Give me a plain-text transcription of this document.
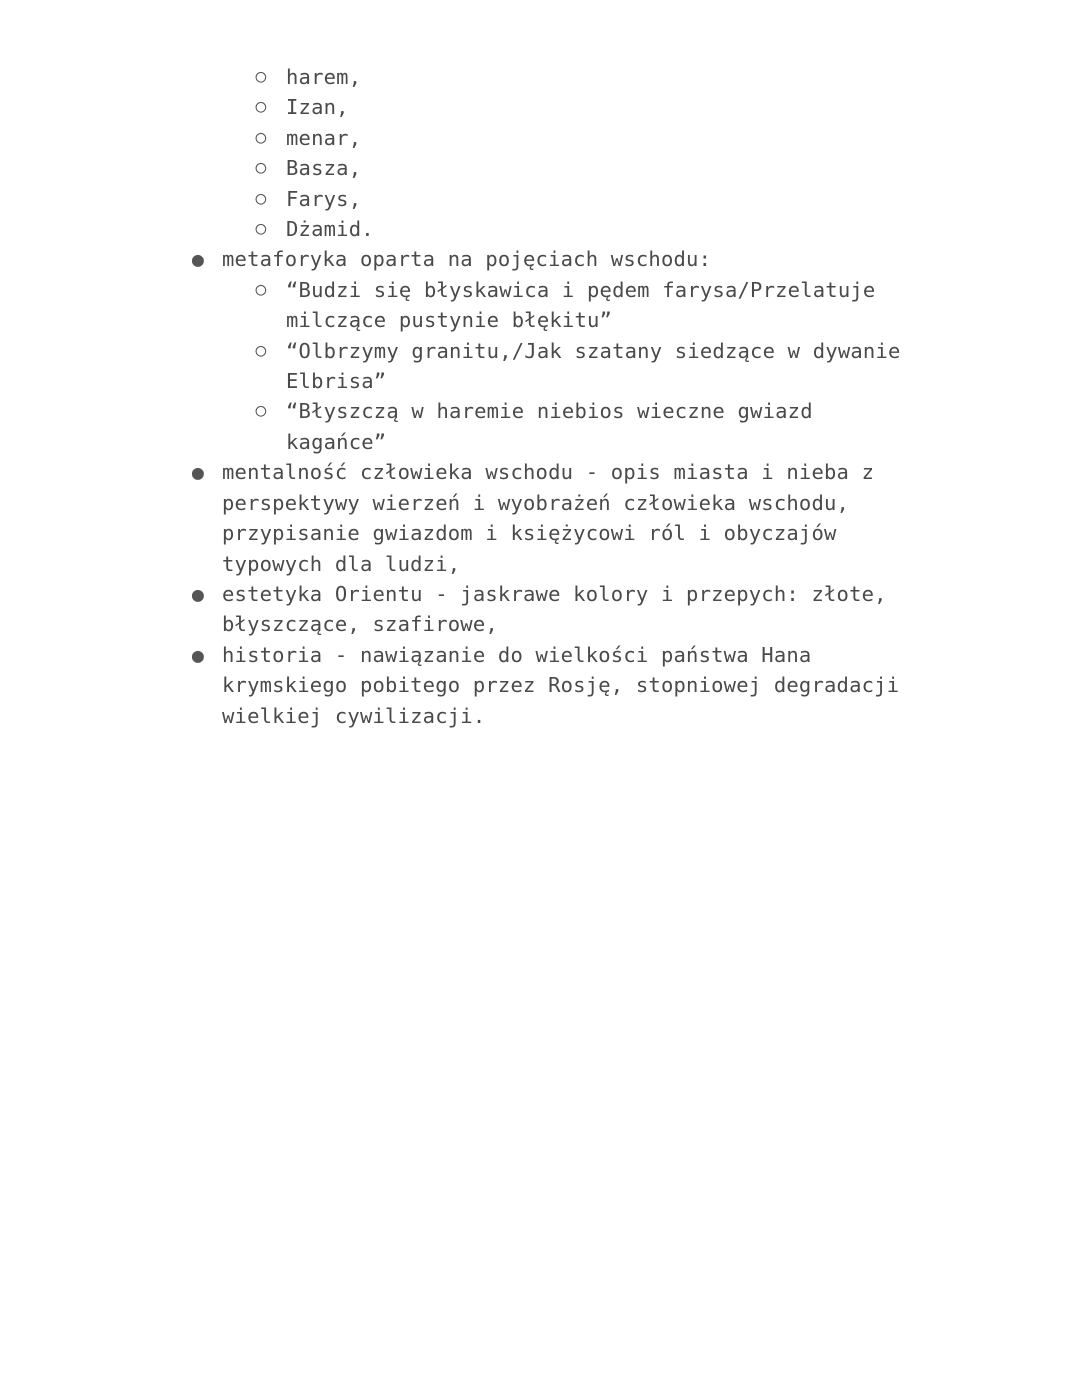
○ harem,
○ Izan,
○ menar,
○ Basza,
○ Farys,
○ Dżamid.
● metaforyka oparta na pojęciach wschodu:
○ “Budzi się błyskawica i pędem farysa/Przelatuje
milczące pustynie błękitu”
○ “Olbrzymy granitu,/Jak szatany siedzące w dywanie
Elbrisa”
○ “Błyszczą w haremie niebios wieczne gwiazd
kagańce”
● mentalność człowieka wschodu - opis miasta i nieba z
perspektywy wierzeń i wyobrażeń człowieka wschodu,
przypisanie gwiazdom i księżycowi ról i obyczajów
typowych dla ludzi,
● estetyka Orientu - jaskrawe kolory i przepych: złote,
błyszczące, szafirowe,
● historia - nawiązanie do wielkości państwa Hana
krymskiego pobitego przez Rosję, stopniowej degradacji
wielkiej cywilizacji.
